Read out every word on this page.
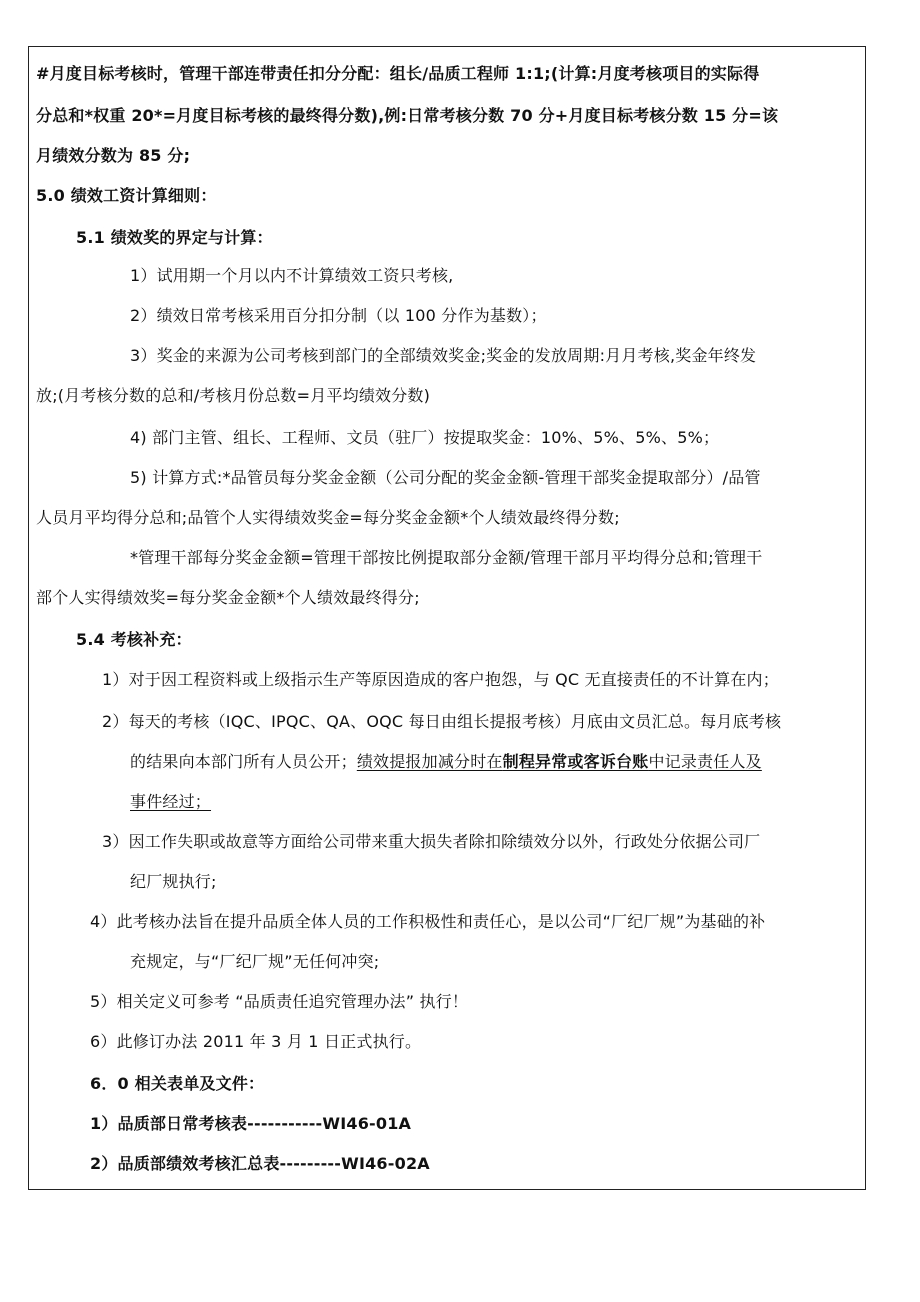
#月度目标考核时，管理干部连带责任扣分分配：组长/品质工程师 1:1;(计算:月度考核项目的实际得
分总和*权重 20*=月度目标考核的最终得分数),例:日常考核分数 70 分+月度目标考核分数 15 分=该
月绩效分数为 85 分;
5.0 绩效工资计算细则：
5.1 绩效奖的界定与计算：
1）试用期一个月以内不计算绩效工资只考核,
2）绩效日常考核采用百分扣分制（以 100 分作为基数）；
3）奖金的来源为公司考核到部门的全部绩效奖金;奖金的发放周期:月月考核,奖金年终发
放;(月考核分数的总和/考核月份总数=月平均绩效分数)
4) 部门主管、组长、工程师、文员（驻厂）按提取奖金：10%、5%、5%、5%；
5) 计算方式:*品管员每分奖金金额（公司分配的奖金金额-管理干部奖金提取部分）/品管
人员月平均得分总和;品管个人实得绩效奖金=每分奖金金额*个人绩效最终得分数;
*管理干部每分奖金金额=管理干部按比例提取部分金额/管理干部月平均得分总和;管理干
部个人实得绩效奖=每分奖金金额*个人绩效最终得分;
5.4 考核补充：
1）对于因工程资料或上级指示生产等原因造成的客户抱怨，与 QC 无直接责任的不计算在内；
2）每天的考核（IQC、IPQC、QA、OQC 每日由组长提报考核）月底由文员汇总。每月底考核
的结果向本部门所有人员公开；绩效提报加减分时在制程异常或客诉台账中记录责任人及
事件经过；
3）因工作失职或故意等方面给公司带来重大损失者除扣除绩效分以外，行政处分依据公司厂
纪厂规执行;
4）此考核办法旨在提升品质全体人员的工作积极性和责任心，是以公司“厂纪厂规”为基础的补
充规定，与“厂纪厂规”无任何冲突;
5）相关定义可参考 “品质责任追究管理办法” 执行！
6）此修订办法 2011 年 3 月 1 日正式执行。
6．0 相关表单及文件：
1）品质部日常考核表-----------WI46-01A
2）品质部绩效考核汇总表---------WI46-02A
